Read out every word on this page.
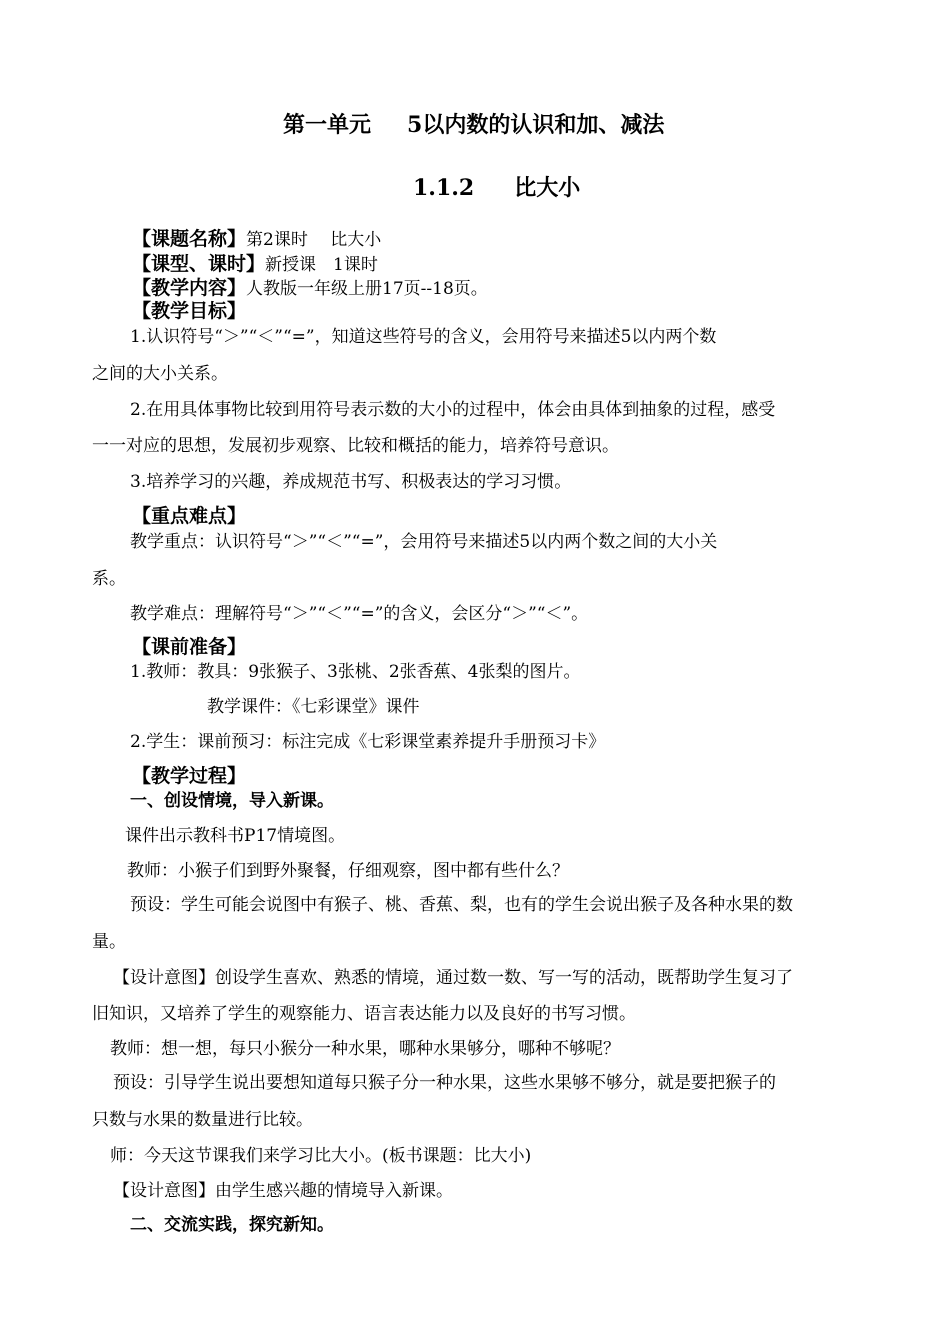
第一单元 5以内数的认识和加、减法
1.1.2 比大小
【课题名称】第2课时　 比大小
【课型、课时】新授课　1课时
【教学内容】人教版一年级上册17页--18页。
【教学目标】
1.认识符号“＞”“＜”“=”，知道这些符号的含义，会用符号来描述5以内两个数
之间的大小关系。
2.在用具体事物比较到用符号表示数的大小的过程中，体会由具体到抽象的过程，感受
一一对应的思想，发展初步观察、比较和概括的能力，培养符号意识。
3.培养学习的兴趣，养成规范书写、积极表达的学习习惯。
【重点难点】
教学重点：认识符号“＞”“＜”“=”，会用符号来描述5以内两个数之间的大小关
系。
教学难点：理解符号“＞”“＜”“=”的含义，会区分“＞”“＜”。
【课前准备】
1.教师：教具：9张猴子、3张桃、2张香蕉、4张梨的图片。
教学课件：《七彩课堂》课件
2.学生：课前预习：标注完成《七彩课堂素养提升手册预习卡》
【教学过程】
一、创设情境，导入新课。
课件出示教科书P17情境图。
教师：小猴子们到野外聚餐，仔细观察，图中都有些什么？
预设：学生可能会说图中有猴子、桃、香蕉、梨，也有的学生会说出猴子及各种水果的数
量。
【设计意图】创设学生喜欢、熟悉的情境，通过数一数、写一写的活动，既帮助学生复习了
旧知识，又培养了学生的观察能力、语言表达能力以及良好的书写习惯。
教师：想一想，每只小猴分一种水果，哪种水果够分，哪种不够呢？
预设：引导学生说出要想知道每只猴子分一种水果，这些水果够不够分，就是要把猴子的
只数与水果的数量进行比较。
师：今天这节课我们来学习比大小。(板书课题：比大小)
【设计意图】由学生感兴趣的情境导入新课。
二、交流实践，探究新知。
